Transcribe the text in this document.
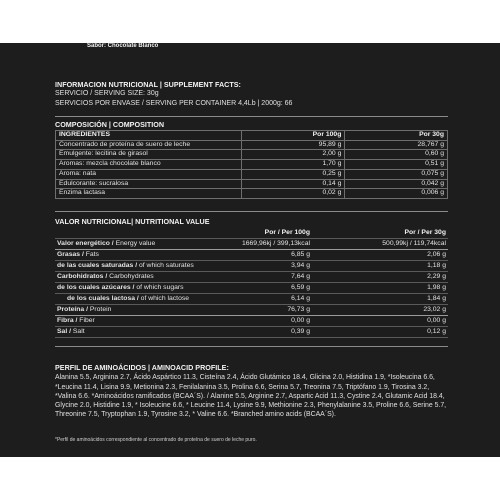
Sabor: Chocolate Blanco
INFORMACION NUTRICIONAL | SUPPLEMENT FACTS:
SERVICIO / SERVING SIZE: 30g
SERVICIOS POR ENVASE / SERVING PER CONTAINER 4,4Lb | 2000g: 66
COMPOSICIÓN | COMPOSITION
INGREDIENTES	Por 100g	Por 30g
Concentrado de proteína de suero de leche	95,89 g	28,767 g
Emulgente: lecitina de girasol	2,00 g	0,60 g
Aromas: mezcla chocolate blanco	1,70 g	0,51 g
Aroma: nata	0,25 g	0,075 g
Edulcorante: sucralosa	0,14 g	0,042 g
Enzima lactasa	0,02 g	0,006 g
VALOR NUTRICIONAL| NUTRITIONAL VALUE
Por / Per 100g	Por / Per 30g
Valor energético / Energy value	1669,96kj / 399,13kcal	500,99kj / 119,74kcal
Grasas / Fats	6,85 g	2,06 g
de las cuales saturadas / of which saturates	3,94 g	1,18 g
Carbohidratos / Carbohydrates	7,64 g	2,29 g
de los cuales azúcares / of which sugars	6,59 g	1,98 g
de los cuales lactosa / of which lactose	6,14 g	1,84 g
Proteína / Protein	76,73 g	23,02 g
Fibra / Fiber	0,00 g	0,00 g
Sal / Salt	0,39 g	0,12 g
PERFIL DE AMINOÁCIDOS | AMINOACID PROFILE:
Alanina 5.5, Arginina 2.7, Ácido Aspártico 11.3, Cisteína 2.4, Ácido Glutámico 18.4, Glicina 2.0, Histidina 1.9, *Isoleucina 6.6, *Leucina 11.4, Lisina 9.9, Metionina 2.3, Fenilalanina 3.5, Prolina 6.6, Serina 5.7, Treonina 7.5, Triptófano 1.9, Tirosina 3.2, *Valina 6.6. *Aminoácidos ramificados (BCAA´S). / Alanine 5.5, Arginine 2.7, Aspartic Acid 11.3, Cystine 2.4, Glutamic Acid 18.4, Glycine 2.0, Histidine 1.9, * Isoleucine 6.6, * Leucine 11.4, Lysine 9.9, Methionine 2.3, Phenylalanine 3.5, Proline 6.6, Serine 5.7, Threonine 7.5, Tryptophan 1.9, Tyrosine 3.2, * Valine 6.6. *Branched amino acids (BCAA´S).
*Perfil de aminoácidos correspondiente al concentrado de proteína de suero de leche puro.
